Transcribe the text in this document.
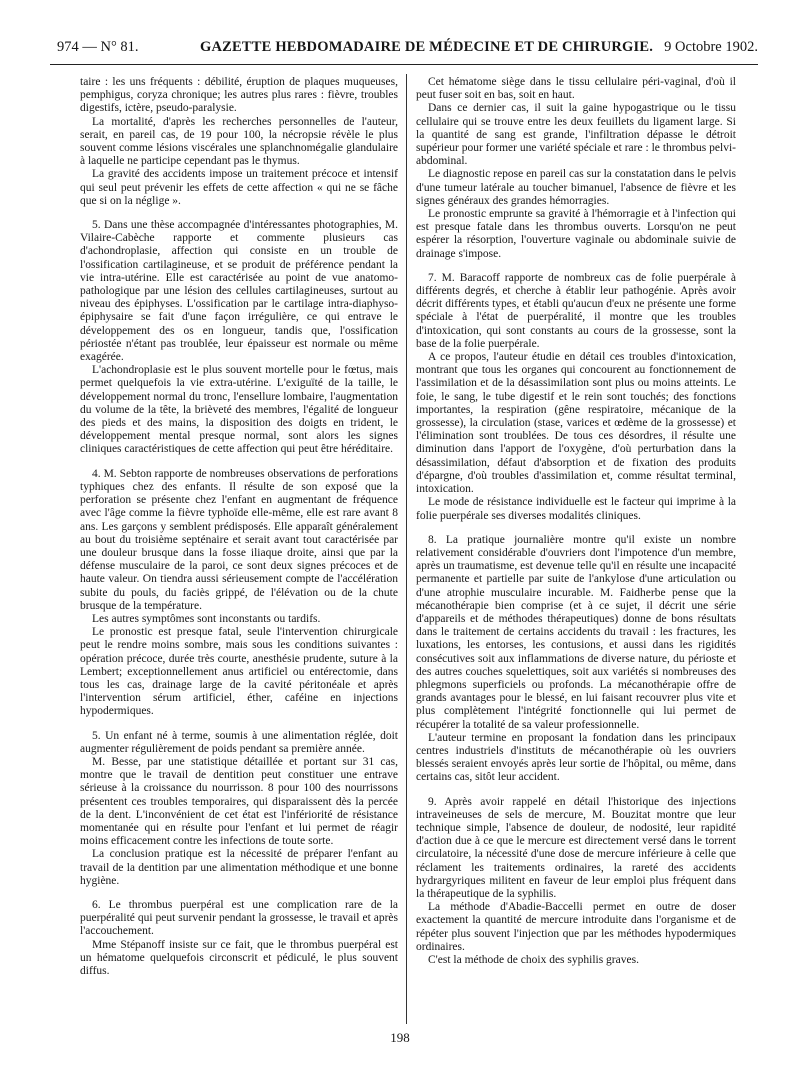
974 — N° 81.	GAZETTE HEBDOMADAIRE DE MÉDECINE ET DE CHIRURGIE. 9 Octobre 1902.

taire : les uns fréquents : débilité, éruption de plaques muqueuses, pemphigus, coryza chronique; les autres plus rares : fièvre, troubles digestifs, ictère, pseudo-paralysie.

La mortalité, d'après les recherches personnelles de l'auteur, serait, en pareil cas, de 19 pour 100, la nécropsie révèle le plus souvent comme lésions viscérales une splanchnomégalie glandulaire à laquelle ne participe cependant pas le thymus.

La gravité des accidents impose un traitement précoce et intensif qui seul peut prévenir les effets de cette affection « qui ne se fâche que si on la néglige ».

5. Dans une thèse accompagnée d'intéressantes photographies, M. Vilaire-Cabèche rapporte et commente plusieurs cas d'achondroplasie, affection qui consiste en un trouble de l'ossification cartilagineuse, et se produit de préférence pendant la vie intra-utérine. Elle est caractérisée au point de vue anatomo-pathologique par une lésion des cellules cartilagineuses, surtout au niveau des épiphyses. L'ossification par le cartilage intra-diaphyso-épiphysaire se fait d'une façon irrégulière, ce qui entrave le développement des os en longueur, tandis que, l'ossification périostée n'étant pas troublée, leur épaisseur est normale ou même exagérée.

L'achondroplasie est le plus souvent mortelle pour le fœtus, mais permet quelquefois la vie extra-utérine. L'exiguïté de la taille, le développement normal du tronc, l'ensellure lombaire, l'augmentation du volume de la tête, la brièveté des membres, l'égalité de longueur des pieds et des mains, la disposition des doigts en trident, le développement mental presque normal, sont alors les signes cliniques caractéristiques de cette affection qui peut être héréditaire.

4. M. Sebton rapporte de nombreuses observations de perforations typhiques chez des enfants. Il résulte de son exposé que la perforation se présente chez l'enfant en augmentant de fréquence avec l'âge comme la fièvre typhoïde elle-même, elle est rare avant 8 ans. Les garçons y semblent prédisposés. Elle apparaît généralement au bout du troisième septénaire et serait avant tout caractérisée par une douleur brusque dans la fosse iliaque droite, ainsi que par la défense musculaire de la paroi, ce sont deux signes précoces et de haute valeur. On tiendra aussi sérieusement compte de l'accélération subite du pouls, du faciès grippé, de l'élévation ou de la chute brusque de la température.

Les autres symptômes sont inconstants ou tardifs.

Le pronostic est presque fatal, seule l'intervention chirurgicale peut le rendre moins sombre, mais sous les conditions suivantes : opération précoce, durée très courte, anesthésie prudente, suture à la Lembert; exceptionnellement anus artificiel ou entérectomie, dans tous les cas, drainage large de la cavité péritonéale et après l'intervention sérum artificiel, éther, caféine en injections hypodermiques.

5. Un enfant né à terme, soumis à une alimentation réglée, doit augmenter régulièrement de poids pendant sa première année.

M. Besse, par une statistique détaillée et portant sur 31 cas, montre que le travail de dentition peut constituer une entrave sérieuse à la croissance du nourrisson. 8 pour 100 des nourrissons présentent ces troubles temporaires, qui disparaissent dès la percée de la dent. L'inconvénient de cet état est l'infériorité de résistance momentanée qui en résulte pour l'enfant et lui permet de réagir moins efficacement contre les infections de toute sorte.

La conclusion pratique est la nécessité de préparer l'enfant au travail de la dentition par une alimentation méthodique et une bonne hygiène.

6. Le thrombus puerpéral est une complication rare de la puerpéralité qui peut survenir pendant la grossesse, le travail et après l'accouchement.

Mme Stépanoff insiste sur ce fait, que le thrombus puerpéral est un hématome quelquefois circonscrit et pédiculé, le plus souvent diffus.

Cet hématome siège dans le tissu cellulaire péri-vaginal, d'où il peut fuser soit en bas, soit en haut.

Dans ce dernier cas, il suit la gaine hypogastrique ou le tissu cellulaire qui se trouve entre les deux feuillets du ligament large. Si la quantité de sang est grande, l'infiltration dépasse le détroit supérieur pour former une variété spéciale et rare : le thrombus pelvi-abdominal.

Le diagnostic repose en pareil cas sur la constatation dans le pelvis d'une tumeur latérale au toucher bimanuel, l'absence de fièvre et les signes généraux des grandes hémorragies.

Le pronostic emprunte sa gravité à l'hémorragie et à l'infection qui est presque fatale dans les thrombus ouverts. Lorsqu'on ne peut espérer la résorption, l'ouverture vaginale ou abdominale suivie de drainage s'impose.

7. M. Baracoff rapporte de nombreux cas de folie puerpérale à différents degrés, et cherche à établir leur pathogénie. Après avoir décrit différents types, et établi qu'aucun d'eux ne présente une forme spéciale à l'état de puerpéralité, il montre que les troubles d'intoxication, qui sont constants au cours de la grossesse, sont la base de la folie puerpérale.

A ce propos, l'auteur étudie en détail ces troubles d'intoxication, montrant que tous les organes qui concourent au fonctionnement de l'assimilation et de la désassimilation sont plus ou moins atteints. Le foie, le sang, le tube digestif et le rein sont touchés; des fonctions importantes, la respiration (gêne respiratoire, mécanique de la grossesse), la circulation (stase, varices et œdème de la grossesse) et l'élimination sont troublées. De tous ces désordres, il résulte une diminution dans l'apport de l'oxygène, d'où perturbation dans la désassimilation, défaut d'absorption et de fixation des produits d'épargne, d'où troubles d'assimilation et, comme résultat terminal, intoxication.

Le mode de résistance individuelle est le facteur qui imprime à la folie puerpérale ses diverses modalités cliniques.

8. La pratique journalière montre qu'il existe un nombre relativement considérable d'ouvriers dont l'impotence d'un membre, après un traumatisme, est devenue telle qu'il en résulte une incapacité permanente et partielle par suite de l'ankylose d'une articulation ou d'une atrophie musculaire incurable. M. Faidherbe pense que la mécanothérapie bien comprise (et à ce sujet, il décrit une série d'appareils et de méthodes thérapeutiques) donne de bons résultats dans le traitement de certains accidents du travail : les fractures, les luxations, les entorses, les contusions, et aussi dans les rigidités consécutives soit aux inflammations de diverse nature, du périoste et des autres couches squelettiques, soit aux variétés si nombreuses des phlegmons superficiels ou profonds. La mécanothérapie offre de grands avantages pour le blessé, en lui faisant recouvrer plus vite et plus complètement l'intégrité fonctionnelle qui lui permet de récupérer la totalité de sa valeur professionnelle.

L'auteur termine en proposant la fondation dans les principaux centres industriels d'instituts de mécanothérapie où les ouvriers blessés seraient envoyés après leur sortie de l'hôpital, ou même, dans certains cas, sitôt leur accident.

9. Après avoir rappelé en détail l'historique des injections intraveineuses de sels de mercure, M. Bouzitat montre que leur technique simple, l'absence de douleur, de nodosité, leur rapidité d'action due à ce que le mercure est directement versé dans le torrent circulatoire, la nécessité d'une dose de mercure inférieure à celle que réclament les traitements ordinaires, la rareté des accidents hydrargyriques militent en faveur de leur emploi plus fréquent dans la thérapeutique de la syphilis.

La méthode d'Abadie-Baccelli permet en outre de doser exactement la quantité de mercure introduite dans l'organisme et de répéter plus souvent l'injection que par les méthodes hypodermiques ordinaires.

C'est la méthode de choix des syphilis graves.

198
